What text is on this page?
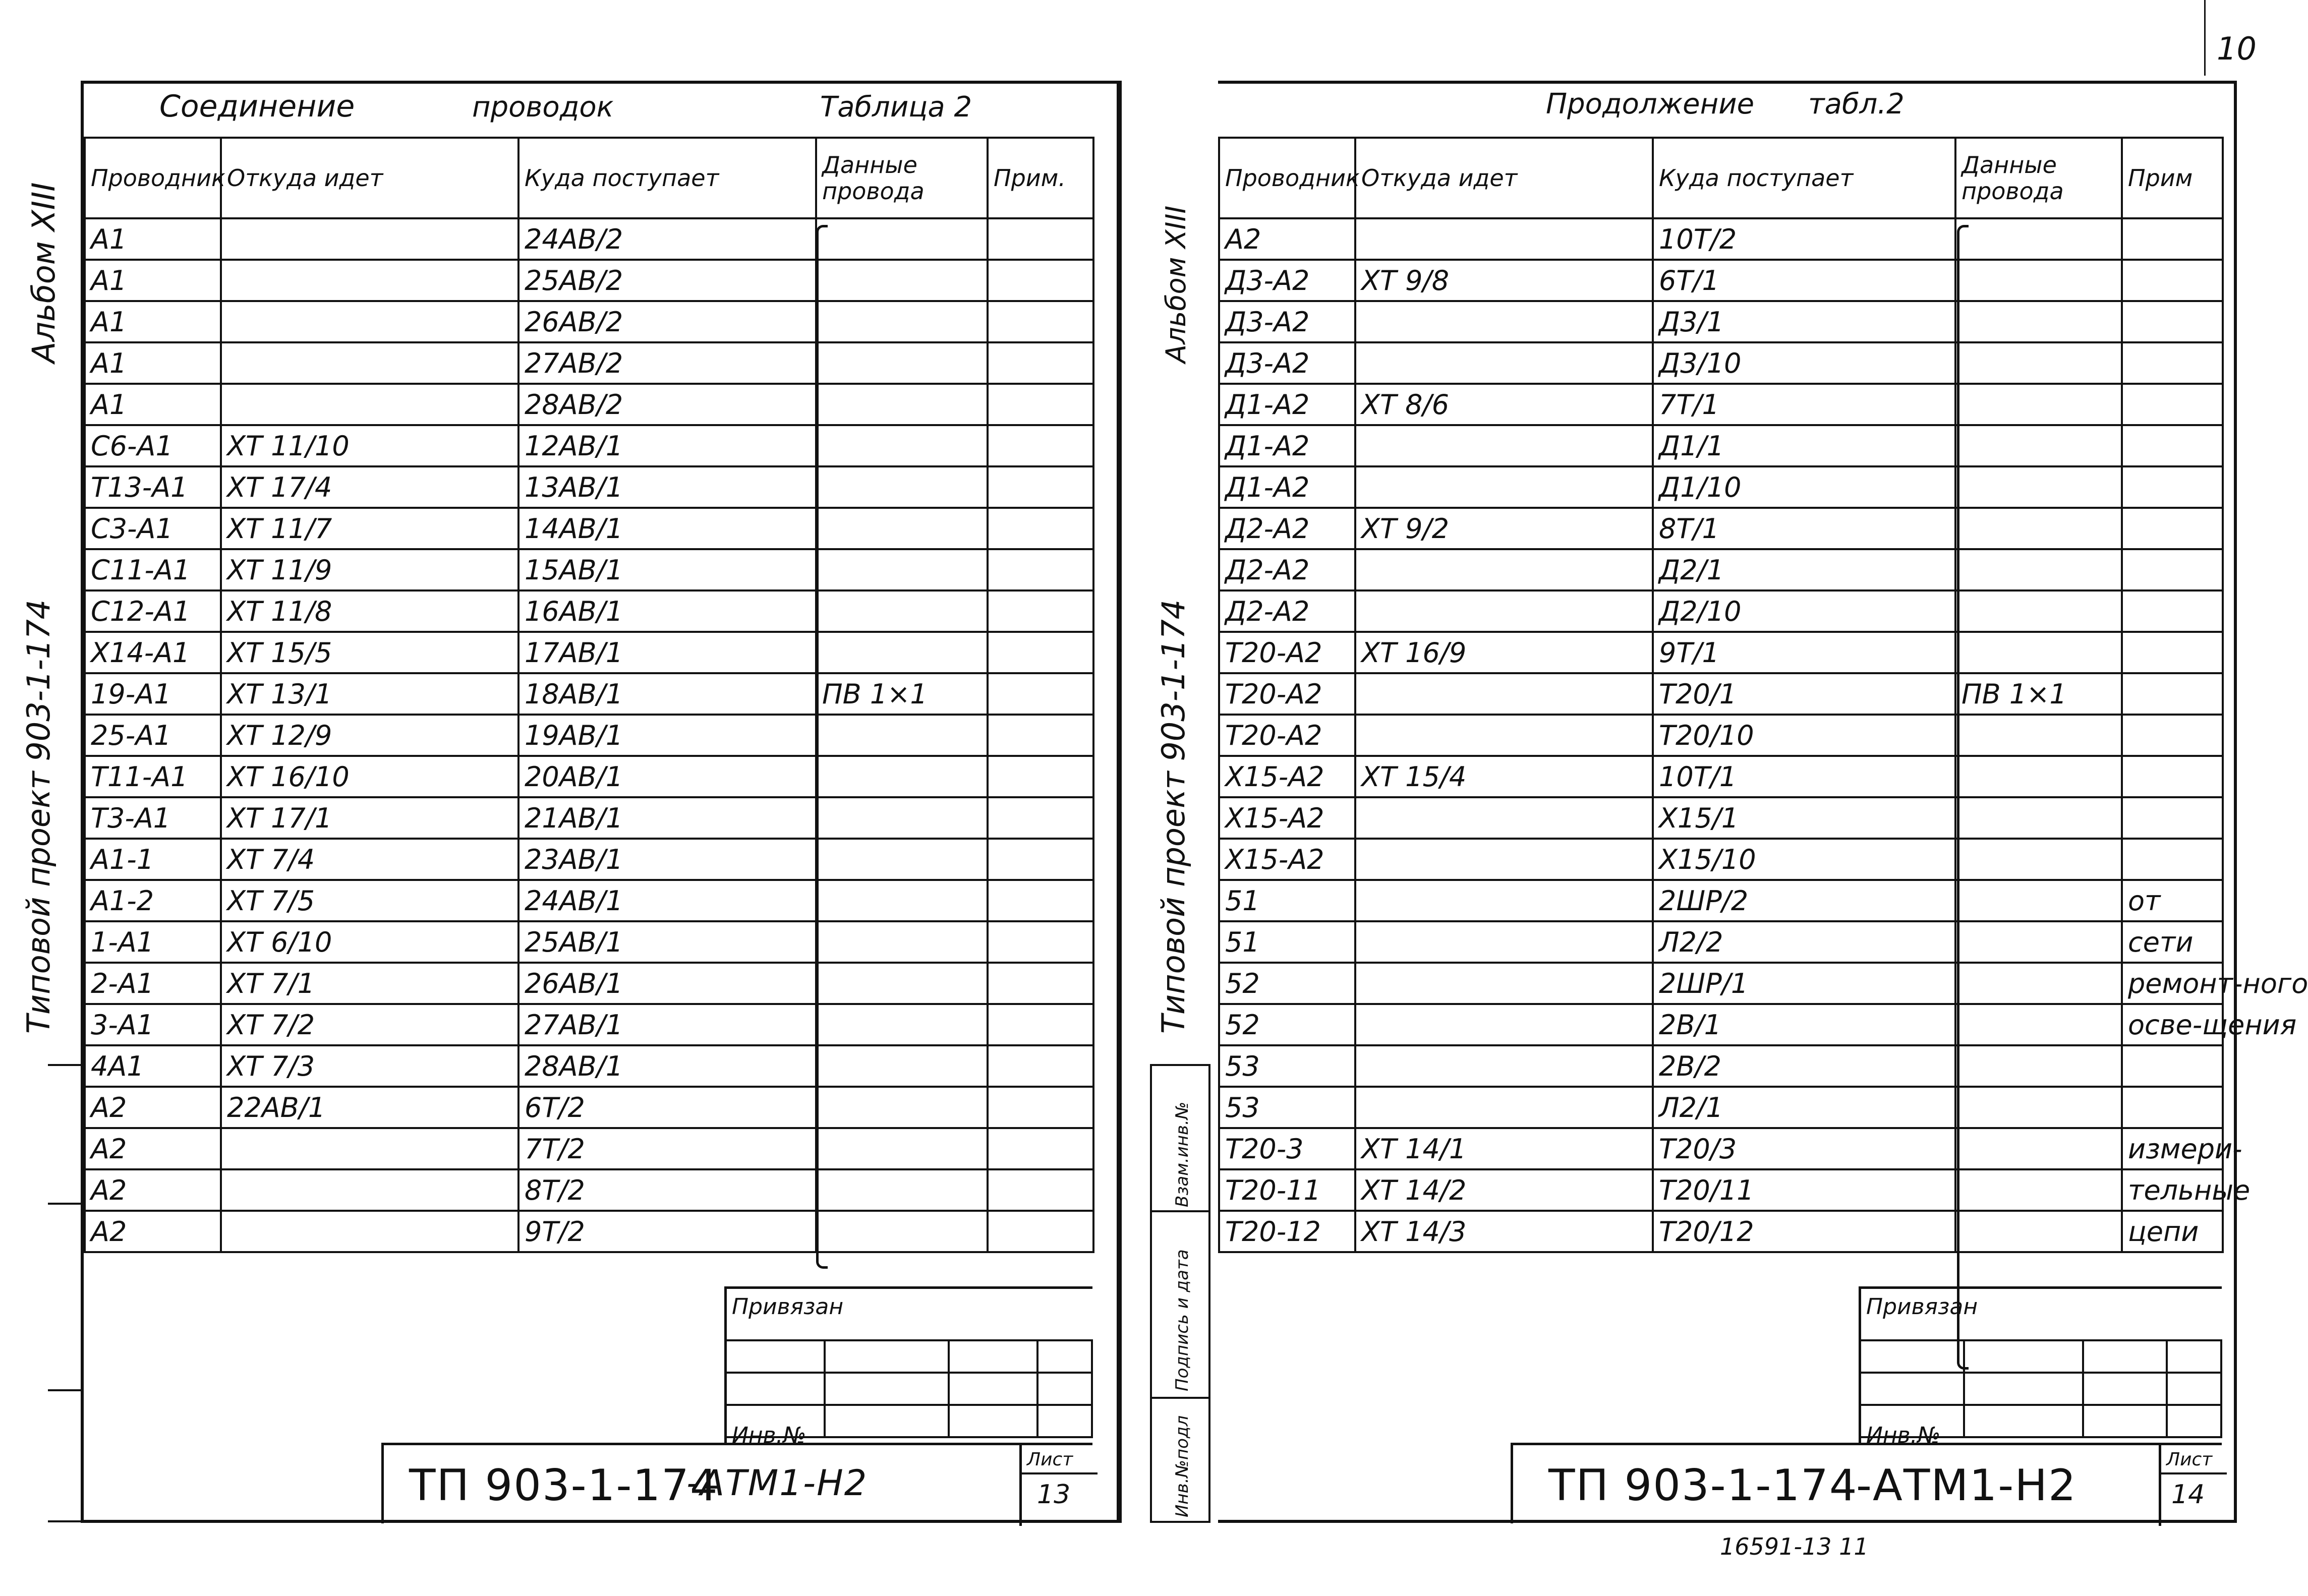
10
Соединение	проводок	Таблица 2
Проводник	Откуда идет	Куда поступает	Данные провода	Прим.
A1		24AB/2		
A1		25AB/2		
A1		26AB/2		
A1		27AB/2		
A1		28AB/2		
C6-A1	XT 11/10	12AB/1		
T13-A1	XT 17/4	13AB/1		
C3-A1	XT 11/7	14AB/1		
C11-A1	XT 11/9	15AB/1		
C12-A1	XT 11/8	16AB/1		
X14-A1	XT 15/5	17AB/1		
19-A1	XT 13/1	18AB/1	ПВ 1×1	
25-A1	XT 12/9	19AB/1		
T11-A1	XT 16/10	20AB/1		
T3-A1	XT 17/1	21AB/1		
A1-1	XT 7/4	23AB/1		
A1-2	XT 7/5	24AB/1		
1-A1	XT 6/10	25AB/1		
2-A1	XT 7/1	26AB/1		
3-A1	XT 7/2	27AB/1		
4A1	XT 7/3	28AB/1		
A2	22AB/1	6T/2		
A2		7T/2		
A2		8T/2		
A2		9T/2		
Привязан

Инв.№
ТП 903-1-174
-АТМ1-Н2
Лист
13
Альбом XIII
Типовой проект 903-1-174
Продолжение табл.2
Проводник	Откуда идет	Куда поступает	Данные провода	Прим
A2		10T/2		
Д3-A2	XT 9/8	6T/1		
Д3-A2		Д3/1		
Д3-A2		Д3/10		
Д1-A2	XT 8/6	7T/1		
Д1-A2		Д1/1		
Д1-A2		Д1/10		
Д2-A2	XT 9/2	8T/1		
Д2-A2		Д2/1		
Д2-A2		Д2/10		
T20-A2	XT 16/9	9T/1		
T20-A2		T20/1	ПВ 1×1	
T20-A2		T20/10		
X15-A2	XT 15/4	10T/1		
X15-A2		X15/1		
X15-A2		X15/10		
51		2ШР/2		от
51		Л2/2		сети
52		2ШР/1		ремонт-ного
52		2B/1		освe-щения
53		2B/2		
53		Л2/1		
T20-3	XT 14/1	T20/3		измери-
T20-11	XT 14/2	T20/11		тельные
T20-12	XT 14/3	T20/12		цепи
Привязан

Инв.№
ТП 903-1-174
-АТМ1-Н2
Лист
14
Альбом XIII
Типовой проект 903-1-174
Взам.инв.№
Подпись и дата
Инв.№подл
16591-13 11
